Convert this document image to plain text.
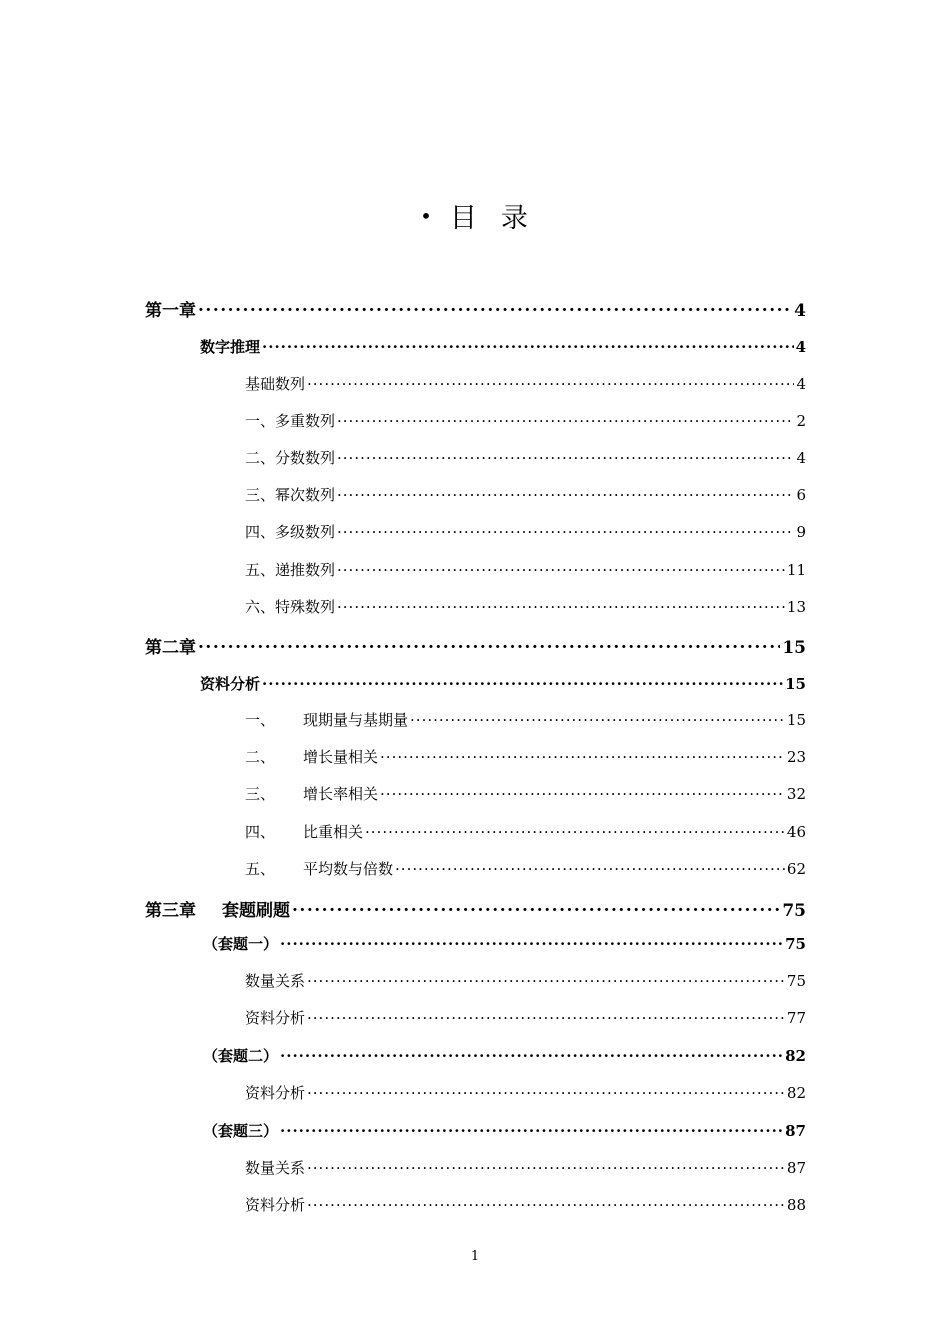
• 目 录
第一章 .....	4
数字推理 .....	4
基础数列 .....	4
一、多重数列 .....	2
二、分数数列 .....	4
三、幂次数列 .....	6
四、多级数列 .....	9
五、递推数列 .....	11
六、特殊数列 .....	13
第二章 .....	15
资料分析 .....	15
一、 现期量与基期量 .....	15
二、 增长量相关 .....	23
三、 增长率相关 .....	32
四、 比重相关 .....	46
五、 平均数与倍数 .....	62
第三章 套题刷题 .....	75
（套题一） .....	75
数量关系 .....	75
资料分析 .....	77
（套题二） .....	82
资料分析 .....	82
（套题三） .....	87
数量关系 .....	87
资料分析 .....	88
1
